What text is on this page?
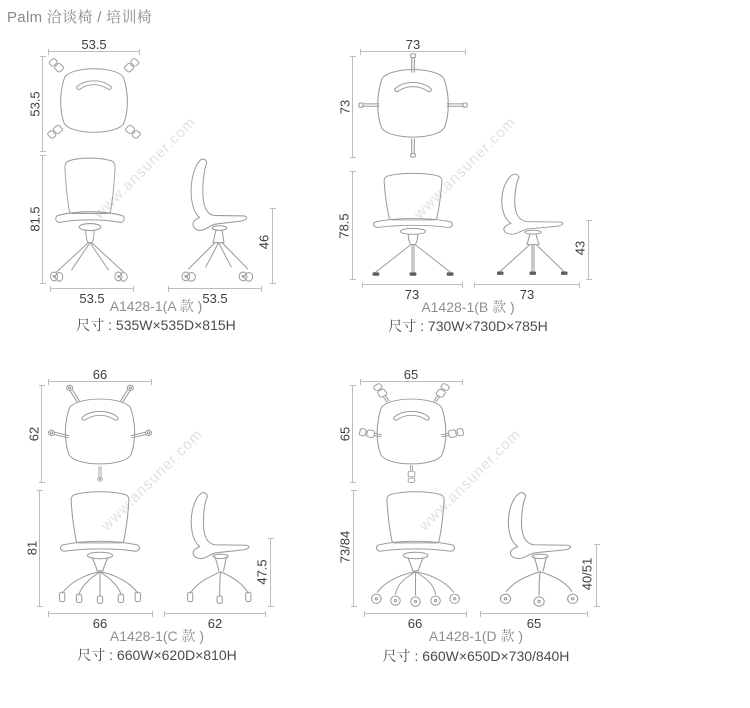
Palm 洽谈椅 / 培训椅
www.ansuner.com	www.ansuner.com
www.ansuner.com	www.ansuner.com
53.5
53.5
81.5
53.5
46
53.5
A1428-1(A 款 )
尺寸 : 535W×535D×815H
73
73
78.5
73
43
73
A1428-1(B 款 )
尺寸 : 730W×730D×785H
66
62
81
66
47.5
62
A1428-1(C 款 )
尺寸 : 660W×620D×810H
65
65
73/84
66
40/51
65
A1428-1(D 款 )
尺寸 : 660W×650D×730/840H
